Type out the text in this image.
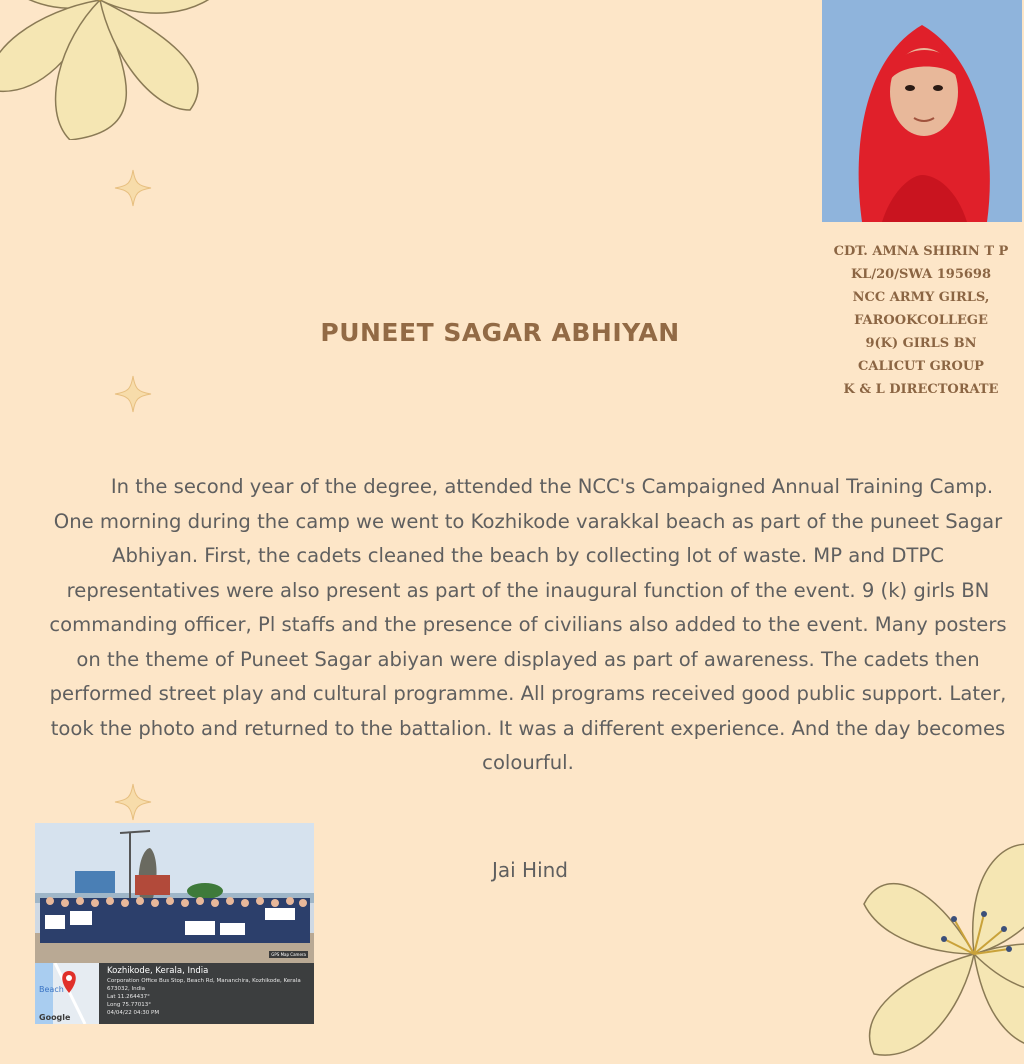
CDT. AMNA SHIRIN T P
KL/20/SWA 195698
NCC ARMY GIRLS,
FAROOKCOLLEGE
9(K) GIRLS BN
CALICUT GROUP
K & L DIRECTORATE
PUNEET SAGAR ABHIYAN

In the second year of the degree, attended the NCC's Campaigned Annual Training Camp. One morning during the camp we went to Kozhikode varakkal beach as part of the puneet Sagar Abhiyan. First, the cadets cleaned the beach by collecting lot of waste. MP and DTPC representatives were also present as part of the inaugural function of the event. 9 (k) girls BN commanding officer, Pl staffs and the presence of civilians also added to the event. Many posters on the theme of Puneet Sagar abiyan were displayed as part of awareness. The cadets then performed street play and cultural programme. All programs received good public support. Later, took the photo and returned to the battalion. It was a different experience. And the day becomes colourful.

Jai Hind

GPS Map Camera
Beach
Google
Kozhikode, Kerala, India
Corporation Office Bus Stop, Beach Rd, Mananchira, Kozhikode, Kerala
673032, India
Lat 11.264437°
Long 75.77013°
04/04/22 04:30 PM
